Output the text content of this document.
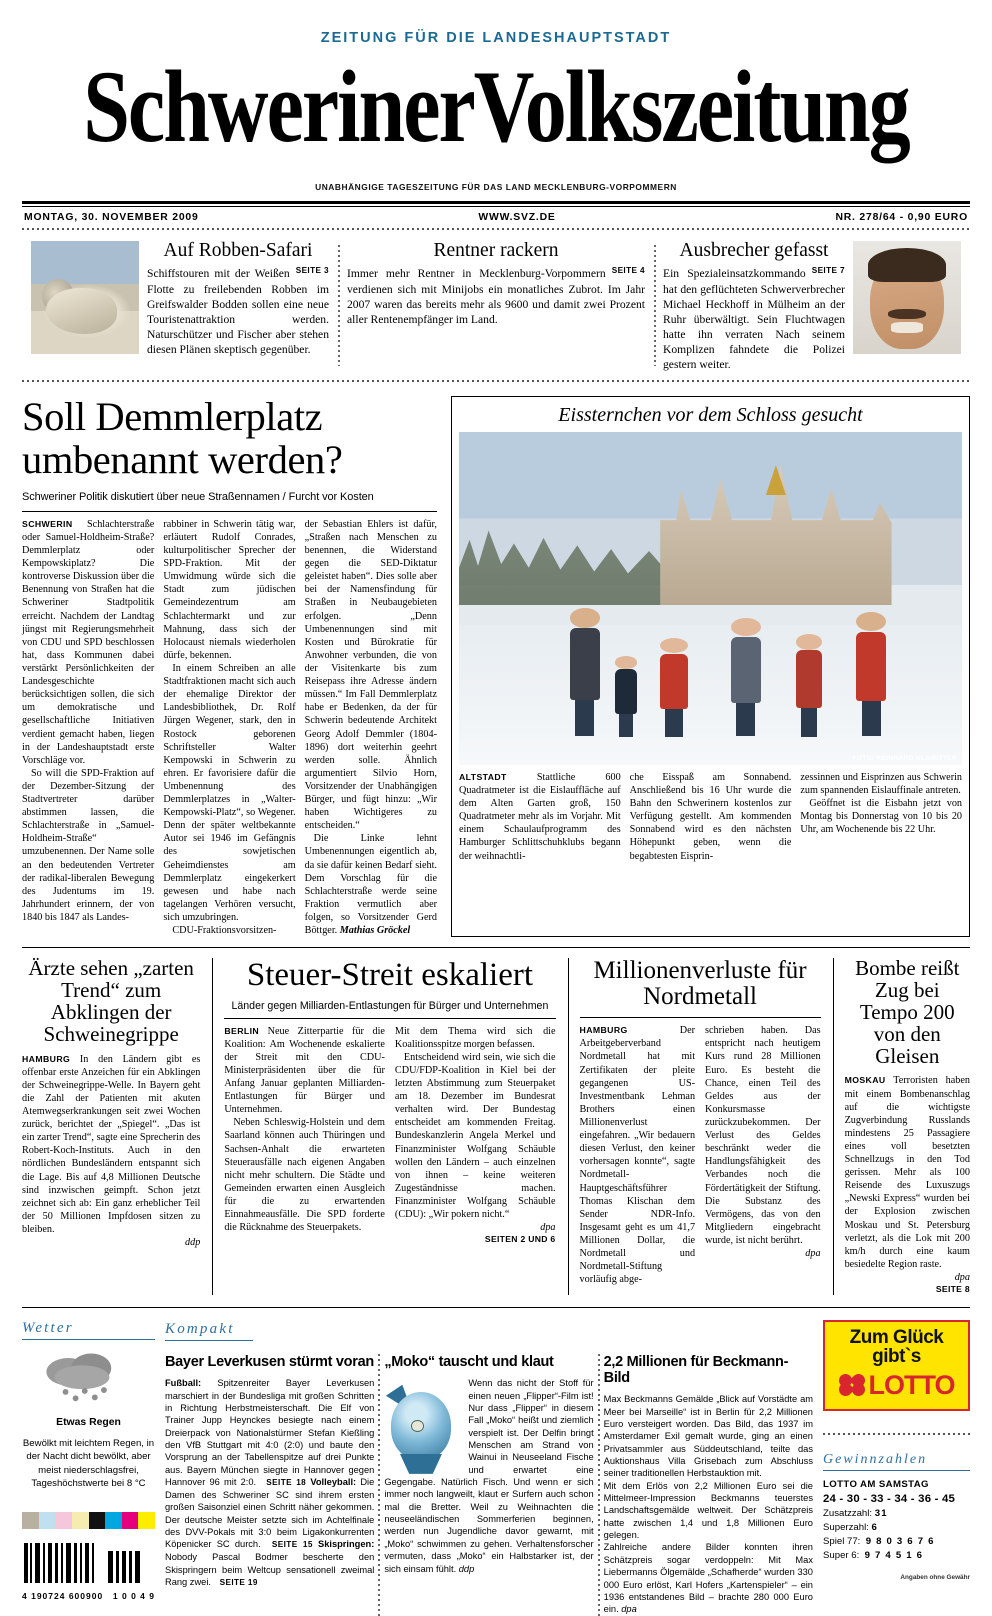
ZEITUNG FÜR DIE LANDESHAUPTSTADT
SchwerinerVolkszeitung
UNABHÄNGIGE TAGESZEITUNG FÜR DAS LAND MECKLENBURG-VORPOMMERN
MONTAG, 30. NOVEMBER 2009	WWW.SVZ.DE	NR. 278/64 - 0,90 EURO
Auf Robben-Safari

SEITE 3
Schiffstouren mit der Weißen Flotte zu freilebenden Robben im Greifswalder Bodden sollen eine neue Touristenattraktion werden. Naturschützer und Fischer aber stehen diesen Plänen skeptisch gegenüber.

Rentner rackern

SEITE 4
Immer mehr Rentner in Mecklenburg-Vorpommern verdienen sich mit Minijobs ein monatliches Zubrot. Im Jahr 2007 waren das bereits mehr als 9600 und damit zwei Prozent aller Rentenempfänger im Land.

Ausbrecher gefasst

SEITE 7
Ein Spezialeinsatzkommando hat den geflüchteten Schwerverbrecher Michael Heckhoff in Mülheim an der Ruhr überwältigt. Sein Fluchtwagen hatte ihn verraten Nach seinem Komplizen fahndete die Polizei gestern weiter.

Soll Demmlerplatz umbenannt werden?
Schweriner Politik diskutiert über neue Straßennamen / Furcht vor Kosten

SCHWERIN Schlachterstraße oder Samuel-Holdheim-Straße? Demmlerplatz oder Kempowskiplatz? Die kontroverse Diskussion über die Benennung von Straßen hat die Schweriner Stadtpolitik erreicht. Nachdem der Landtag jüngst mit Regierungsmehrheit von CDU und SPD beschlossen hat, dass Kommunen dabei verstärkt Persönlichkeiten der Landesgeschichte berücksichtigen sollen, die sich um demokratische und gesellschaftliche Initiativen verdient gemacht haben, liegen in der Landeshauptstadt erste Vorschläge vor.

So will die SPD-Fraktion auf der Dezember-Sitzung der Stadtvertreter darüber abstimmen lassen, die Schlachterstraße in „Samuel-Holdheim-Straße“ umzubenennen. Der Name solle an den bedeutenden Vertreter der radikal-liberalen Bewegung des Judentums im 19. Jahrhundert erinnern, der von 1840 bis 1847 als Landes-

rabbiner in Schwerin tätig war, erläutert Rudolf Conrades, kulturpolitischer Sprecher der SPD-Fraktion. Mit der Umwidmung würde sich die Stadt zum jüdischen Gemeindezentrum am Schlachtermarkt und zur Mahnung, dass sich der Holocaust niemals wiederholen dürfe, bekennen.

In einem Schreiben an alle Stadtfraktionen macht sich auch der ehemalige Direktor der Landesbibliothek, Dr. Rolf Jürgen Wegener, stark, den in Rostock geborenen Schriftsteller Walter Kempowski in Schwerin zu ehren. Er favorisiere dafür die Umbenennung des Demmlerplatzes in „Walter-Kempowski-Platz“, so Wegener. Denn der später weltbekannte Autor sei 1946 im Gefängnis des sowjetischen Geheimdienstes am Demmlerplatz eingekerkert gewesen und habe nach tagelangen Verhören versucht, sich umzubringen.

CDU-Fraktionsvorsitzen-

der Sebastian Ehlers ist dafür, „Straßen nach Menschen zu benennen, die Widerstand gegen die SED-Diktatur geleistet haben“. Dies solle aber bei der Namensfindung für Straßen in Neubaugebieten erfolgen. „Denn Umbenennungen sind mit Kosten und Bürokratie für Anwohner verbunden, die von der Visitenkarte bis zum Reisepass ihre Adresse ändern müssen.“ Im Fall Demmlerplatz habe er Bedenken, da der für Schwerin bedeutende Architekt Georg Adolf Demmler (1804-1896) dort weiterhin geehrt werden solle. Ähnlich argumentiert Silvio Horn, Vorsitzender der Unabhängigen Bürger, und fügt hinzu: „Wir haben Wichtigeres zu entscheiden.“

Die Linke lehnt Umbenennungen eigentlich ab, da sie dafür keinen Bedarf sieht. Dem Vorschlag für die Schlachterstraße werde seine Fraktion vermutlich aber folgen, so Vorsitzender Gerd Böttger. Mathias Gröckel

Eissternchen vor dem Schloss gesucht
FOTO: REINHARD KLAWITTER

ALTSTADT	Stattliche 600 Quadratmeter ist die Eislauffläche auf dem Alten Garten groß, 150 Quadratmeter mehr als im Vorjahr. Mit einem Schaulaufprogramm des Hamburger Schlittschuhklubs begann der weihnachtli-

che Eisspaß am Sonnabend. Anschließend bis 16 Uhr wurde die Bahn den Schwerinern kostenlos zur Verfügung gestellt. Am kommenden Sonnabend wird es den nächsten Höhepunkt geben, wenn die begabtesten Eisprin-

zessinnen und Eisprinzen aus Schwerin zum spannenden Eislauffinale antreten.

Geöffnet ist die Eisbahn jetzt von Montag bis Donnerstag von 10 bis 20 Uhr, am Wochenende bis 22 Uhr.

Ärzte sehen „zarten Trend“ zum Abklingen der Schweinegrippe

HAMBURG In den Ländern gibt es offenbar erste Anzeichen für ein Abklingen der Schweinegrippe-Welle. In Bayern geht die Zahl der Patienten mit akuten Atemwegserkrankungen seit zwei Wochen zurück, berichtet der „Spiegel“. „Das ist ein zarter Trend“, sagte eine Sprecherin des Robert-Koch-Instituts. Auch in den nördlichen Bundesländern entspannt sich die Lage. Bis auf 4,8 Millionen Deutsche sind inzwischen geimpft. Schon jetzt zeichnet sich ab: Ein ganz erheblicher Teil der 50 Millionen Impfdosen sitzen zu bleiben.

ddp

Steuer-Streit eskaliert
Länder gegen Milliarden-Entlastungen für Bürger und Unternehmen

BERLIN Neue Zitterpartie für die Koalition: Am Wochenende eskalierte der Streit mit den CDU-Ministerpräsidenten über die für Anfang Januar geplanten Milliarden-Entlastungen für Bürger und Unternehmen.

Neben Schleswig-Holstein und dem Saarland können auch Thüringen und Sachsen-Anhalt die erwarteten Steuerausfälle nach eigenen Angaben nicht mehr schultern. Die Städte und Gemeinden erwarten einen Ausgleich für die zu erwartenden Einnahmeausfälle. Die SPD forderte die Rücknahme des Steuerpakets.

Mit dem Thema wird sich die Koalitionsspitze morgen befassen.

Entscheidend wird sein, wie sich die CDU/FDP-Koalition in Kiel bei der letzten Abstimmung zum Steuerpaket am 18. Dezember im Bundesrat verhalten wird. Der Bundestag entscheidet am kommenden Freitag. Bundeskanzlerin Angela Merkel und Finanzminister Wolfgang Schäuble wollen den Ländern – auch einzelnen von ihnen – keine weiteren Zugeständnisse machen. Finanzminister Wolfgang Schäuble (CDU): „Wir pokern nicht.“

dpa

SEITEN 2 UND 6

Millionenverluste für Nordmetall

HAMBURG	Der Arbeitgeberverband Nordmetall hat mit Zertifikaten der pleite gegangenen US-Investmentbank Lehman Brothers einen Millionenverlust eingefahren. „Wir bedauern diesen Verlust, den keiner vorhersagen konnte“, sagte Nordmetall-Hauptgeschäftsführer Thomas Klischan dem Sender NDR-Info. Insgesamt geht es um 41,7 Millionen Dollar, die Nordmetall und Nordmetall-Stiftung vorläufig abge-

schrieben haben. Das entspricht nach heutigem Kurs rund 28 Millionen Euro. Es besteht die Chance, einen Teil des Geldes aus der Konkursmasse zurückzubekommen. Der Verlust des Geldes beschränkt weder die Handlungsfähigkeit des Verbandes noch die Fördertätigkeit der Stiftung. Die Substanz des Vermögens, das von den Mitgliedern eingebracht wurde, ist nicht berührt.

dpa

Bombe reißt Zug bei Tempo 200 von den Gleisen

MOSKAU Terroristen haben mit einem Bombenanschlag auf die wichtigste Zugverbindung Russlands mindestens 25 Passagiere eines voll besetzten Schnellzugs in den Tod gerissen. Mehr als 100 Reisende des Luxuszugs „Newski Express“ wurden bei der Explosion zwischen Moskau und St. Petersburg verletzt, als die Lok mit 200 km/h durch eine kaum besiedelte Region raste.

dpa

SEITE 8

Wetter
Etwas Regen
Bewölkt mit leichtem Regen, in der Nacht dicht bewölkt, aber meist niederschlagsfrei, Tageshöchstwerte bei 8 °C
4 190724 600900 1 0 0 4 9
Kompakt
Bayer Leverkusen stürmt voran

Fußball: Spitzenreiter Bayer Leverkusen marschiert in der Bundesliga mit großen Schritten in Richtung Herbstmeisterschaft. Die Elf von Trainer Jupp Heynckes besiegte nach einem Dreierpack von Nationalstürmer Stefan Kießling den VfB Stuttgart mit 4:0 (2:0) und baute den Vorsprung an der Tabellenspitze auf drei Punkte aus. Bayern München siegte in Hannover gegen Hannover 96 mit 2:0. SEITE 18 Volleyball: Die Damen des Schweriner SC sind ihrem ersten großen Saisonziel einen Schritt näher gekommen. Der deutsche Meister setzte sich im Achtelfinale des DVV-Pokals mit 3:0 beim Ligakonkurrenten Köpenicker SC durch. SEITE 15 Skispringen: Nobody Pascal Bodmer bescherte den Skispringern beim Weltcup sensationell zweimal Rang zwei. SEITE 19

„Moko“ tauscht und klaut

Wenn das nicht der Stoff für einen neuen „Flipper“-Film ist! Nur dass „Flipper“ in diesem Fall „Moko“ heißt und ziemlich verspielt ist. Der Delfin bringt Menschen am Strand von Wainui in Neuseeland Fische und erwartet eine Gegengabe. Natürlich Fisch. Und wenn er sich immer noch langweilt, klaut er Surfern auch schon mal die Bretter. Weil zu Weihnachten die neuseeländischen Sommerferien beginnen, werden nun Jugendliche davor gewarnt, mit „Moko“ schwimmen zu gehen. Verhaltensforscher vermuten, dass „Moko“ ein Halbstarker ist, der sich einsam fühlt. ddp

2,2 Millionen für Beckmann-Bild

Max Beckmanns Gemälde „Blick auf Vorstädte am Meer bei Marseille“ ist in Berlin für 2,2 Millionen Euro versteigert worden. Das Bild, das 1937 im Amsterdamer Exil gemalt wurde, ging an einen Privatsammler aus Süddeutschland, teilte das Auktionshaus Villa Grisebach zum Abschluss seiner traditionellen Herbstauktion mit.

Mit dem Erlös von 2,2 Millionen Euro sei die Mittelmeer-Impression Beckmanns teuerstes Landschaftsgemälde weltweit. Der Schätzpreis hatte zwischen 1,4 und 1,8 Millionen Euro gelegen.

Zahlreiche andere Bilder konnten ihren Schätzpreis sogar verdoppeln: Mit Max Liebermanns Ölgemälde „Schafherde“ wurden 330 000 Euro erlöst, Karl Hofers „Kartenspieler“ – ein 1936 entstandenes Bild – brachte 280 000 Euro ein. dpa

Zum Glück
gibt`s
LOTTO
Gewinnzahlen
LOTTO AM SAMSTAG
24 - 30 - 33 - 34 - 36 - 45
Zusatzzahl: 31
Superzahl: 6
Spiel 77: 9 8 0 3 6 7 6
Super 6: 9 7 4 5 1 6
Angaben ohne Gewähr
